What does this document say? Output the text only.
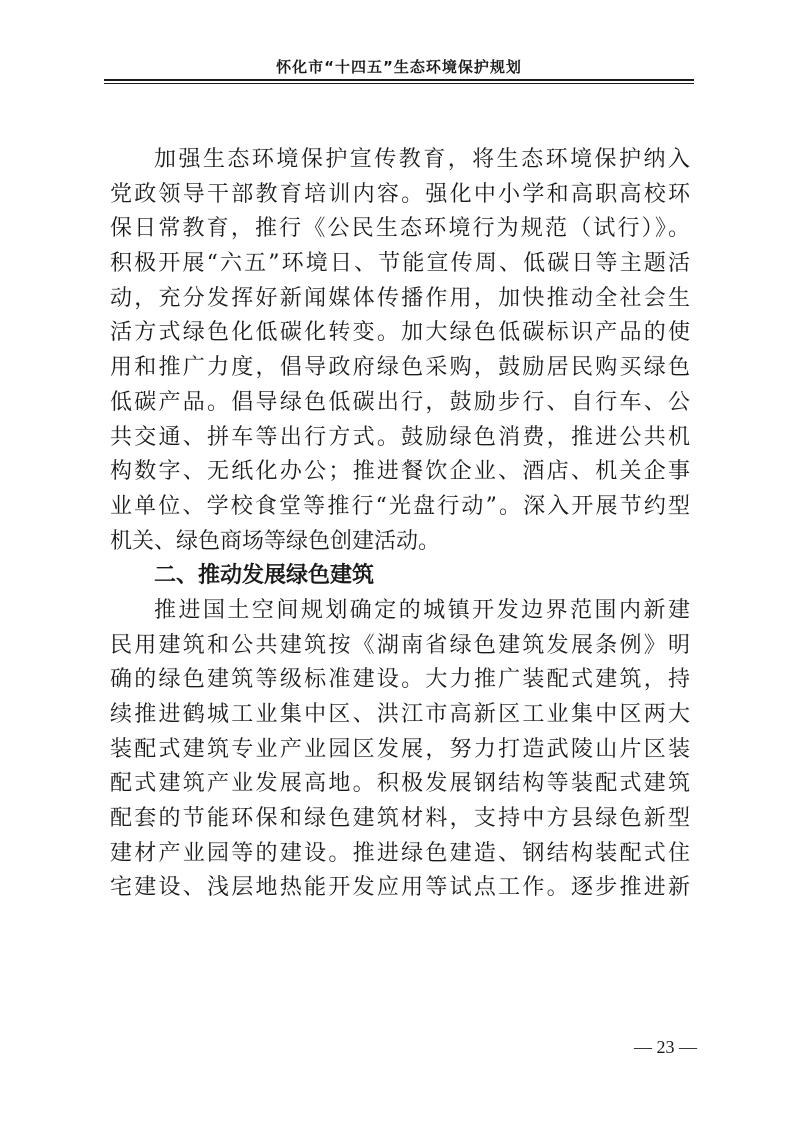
怀化市“十四五”生态环境保护规划
加强生态环境保护宣传教育，将生态环境保护纳入
党政领导干部教育培训内容。强化中小学和高职高校环
保日常教育，推行《公民生态环境行为规范（试行）》。
积极开展“六五”环境日、节能宣传周、低碳日等主题活
动，充分发挥好新闻媒体传播作用，加快推动全社会生
活方式绿色化低碳化转变。加大绿色低碳标识产品的使
用和推广力度，倡导政府绿色采购，鼓励居民购买绿色
低碳产品。倡导绿色低碳出行，鼓励步行、自行车、公
共交通、拼车等出行方式。鼓励绿色消费，推进公共机
构数字、无纸化办公；推进餐饮企业、酒店、机关企事
业单位、学校食堂等推行“光盘行动”。深入开展节约型
机关、绿色商场等绿色创建活动。
二、推动发展绿色建筑
推进国土空间规划确定的城镇开发边界范围内新建
民用建筑和公共建筑按《湖南省绿色建筑发展条例》明
确的绿色建筑等级标准建设。大力推广装配式建筑，持
续推进鹤城工业集中区、洪江市高新区工业集中区两大
装配式建筑专业产业园区发展，努力打造武陵山片区装
配式建筑产业发展高地。积极发展钢结构等装配式建筑
配套的节能环保和绿色建筑材料，支持中方县绿色新型
建材产业园等的建设。推进绿色建造、钢结构装配式住
宅建设、浅层地热能开发应用等试点工作。逐步推进新
— 23 —
